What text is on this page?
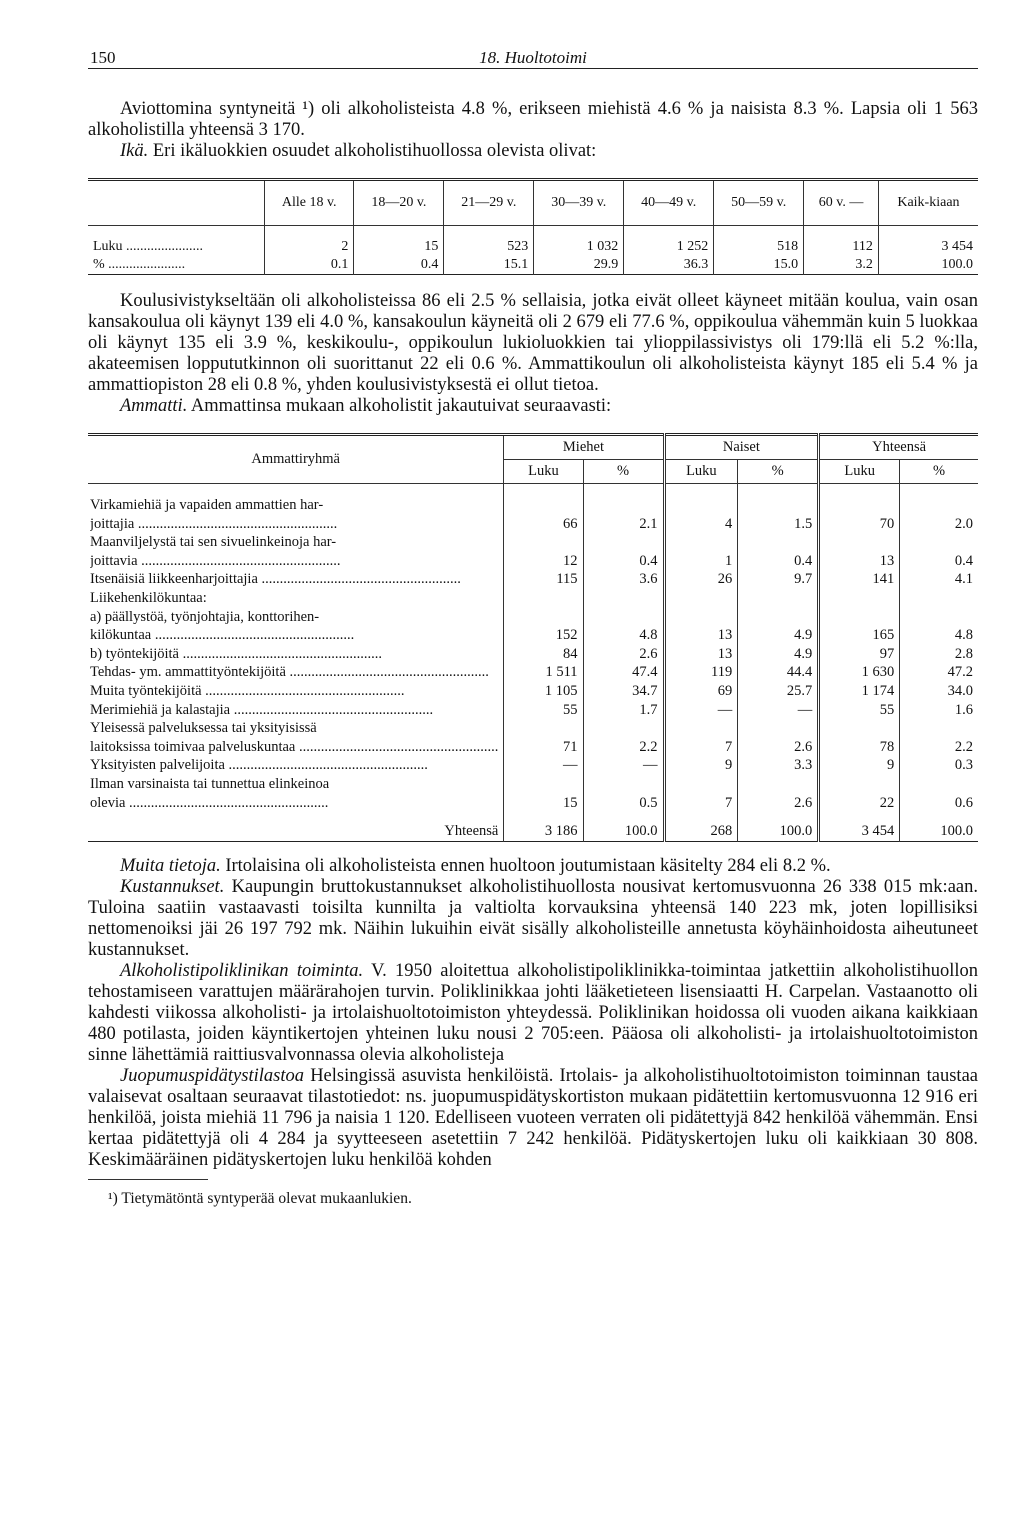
150	18. Huoltotoimi

Aviottomina syntyneitä ¹) oli alkoholisteista 4.8 %, erikseen miehistä 4.6 % ja naisista 8.3 %. Lapsia oli 1 563 alkoholistilla yhteensä 3 170.

Ikä. Eri ikäluokkien osuudet alkoholistihuollossa olevista olivat:

	Alle 18 v.	18—20 v.	21—29 v.	30—39 v.	40—49 v.	50—59 v.	60 v. —	Kaik-kiaan

Luku ......................	2	15	523	1 032	1 252	518	112	3 454
% ......................	0.1	0.4	15.1	29.9	36.3	15.0	3.2	100.0

Koulusivistykseltään oli alkoholisteissa 86 eli 2.5 % sellaisia, jotka eivät olleet käyneet mitään koulua, vain osan kansakoulua oli käynyt 139 eli 4.0 %, kansakoulun käyneitä oli 2 679 eli 77.6 %, oppikoulua vähemmän kuin 5 luokkaa oli käynyt 135 eli 3.9 %, keskikoulu-, oppikoulun lukioluokkien tai ylioppilassivistys oli 179:llä eli 5.2 %:lla, akateemisen loppututkinnon oli suorittanut 22 eli 0.6 %. Ammattikoulun oli alkoholisteista käynyt 185 eli 5.4 % ja ammattiopiston 28 eli 0.8 %, yhden koulusivistyksestä ei ollut tietoa.

Ammatti. Ammattinsa mukaan alkoholistit jakautuivat seuraavasti:

Ammattiryhmä	Miehet		Naiset		Yhteensä	
	Luku	%	Luku	%	Luku	%

Virkamiehiä ja vapaiden ammattien har-
joittajia .......................................................	66	2.1	4	1.5	70	2.0

Maanviljelystä tai sen sivuelinkeinoja har-
joittavia .......................................................	12	0.4	1	0.4	13	0.4

Itsenäisiä liikkeenharjoittajia .......................................................	115	3.6	26	9.7	141	4.1

Liikehenkilökuntaa:						

a) päällystöä, työnjohtajia, konttorihen-
kilökuntaa .......................................................	152	4.8	13	4.9	165	4.8

b) työntekijöitä .......................................................	84	2.6	13	4.9	97	2.8

Tehdas- ym. ammattityöntekijöitä .......................................................	1 511	47.4	119	44.4	1 630	47.2

Muita työntekijöitä .......................................................	1 105	34.7	69	25.7	1 174	34.0

Merimiehiä ja kalastajia .......................................................	55	1.7	—	—	55	1.6

Yleisessä palveluksessa tai yksityisissä
laitoksissa toimivaa palveluskuntaa .......................................................	71	2.2	7	2.6	78	2.2

Yksityisten palvelijoita .......................................................	—	—	9	3.3	9	0.3

Ilman varsinaista tai tunnettua elinkeinoa
olevia .......................................................	15	0.5	7	2.6	22	0.6
Yhteensä	3 186	100.0	268	100.0	3 454	100.0

Muita tietoja. Irtolaisina oli alkoholisteista ennen huoltoon joutumistaan käsitelty 284 eli 8.2 %.

Kustannukset. Kaupungin bruttokustannukset alkoholistihuollosta nousivat kertomusvuonna 26 338 015 mk:aan. Tuloina saatiin vastaavasti toisilta kunnilta ja valtiolta korvauksina yhteensä 140 223 mk, joten lopillisiksi nettomenoiksi jäi 26 197 792 mk. Näihin lukuihin eivät sisälly alkoholisteille annetusta köyhäinhoidosta aiheutuneet kustannukset.

Alkoholistipoliklinikan toiminta. V. 1950 aloitettua alkoholistipoliklinikka-toimintaa jatkettiin alkoholistihuollon tehostamiseen varattujen määrärahojen turvin. Poliklinikkaa johti lääketieteen lisensiaatti H. Carpelan. Vastaanotto oli kahdesti viikossa alkoholisti- ja irtolaishuoltotoimiston yhteydessä. Poliklinikan hoidossa oli vuoden aikana kaikkiaan 480 potilasta, joiden käyntikertojen yhteinen luku nousi 2 705:een. Pääosa oli alkoholisti- ja irtolaishuoltotoimiston sinne lähettämiä raittiusvalvonnassa olevia alkoholisteja

Juopumuspidätystilastoa Helsingissä asuvista henkilöistä. Irtolais- ja alkoholistihuoltotoimiston toiminnan taustaa valaisevat osaltaan seuraavat tilastotiedot: ns. juopumuspidätyskortiston mukaan pidätettiin kertomusvuonna 12 916 eri henkilöä, joista miehiä 11 796 ja naisia 1 120. Edelliseen vuoteen verraten oli pidätettyjä 842 henkilöä vähemmän. Ensi kertaa pidätettyjä oli 4 284 ja syytteeseen asetettiin 7 242 henkilöä. Pidätyskertojen luku oli kaikkiaan 30 808. Keskimääräinen pidätyskertojen luku henkilöä kohden

¹) Tietymätöntä syntyperää olevat mukaanlukien.
